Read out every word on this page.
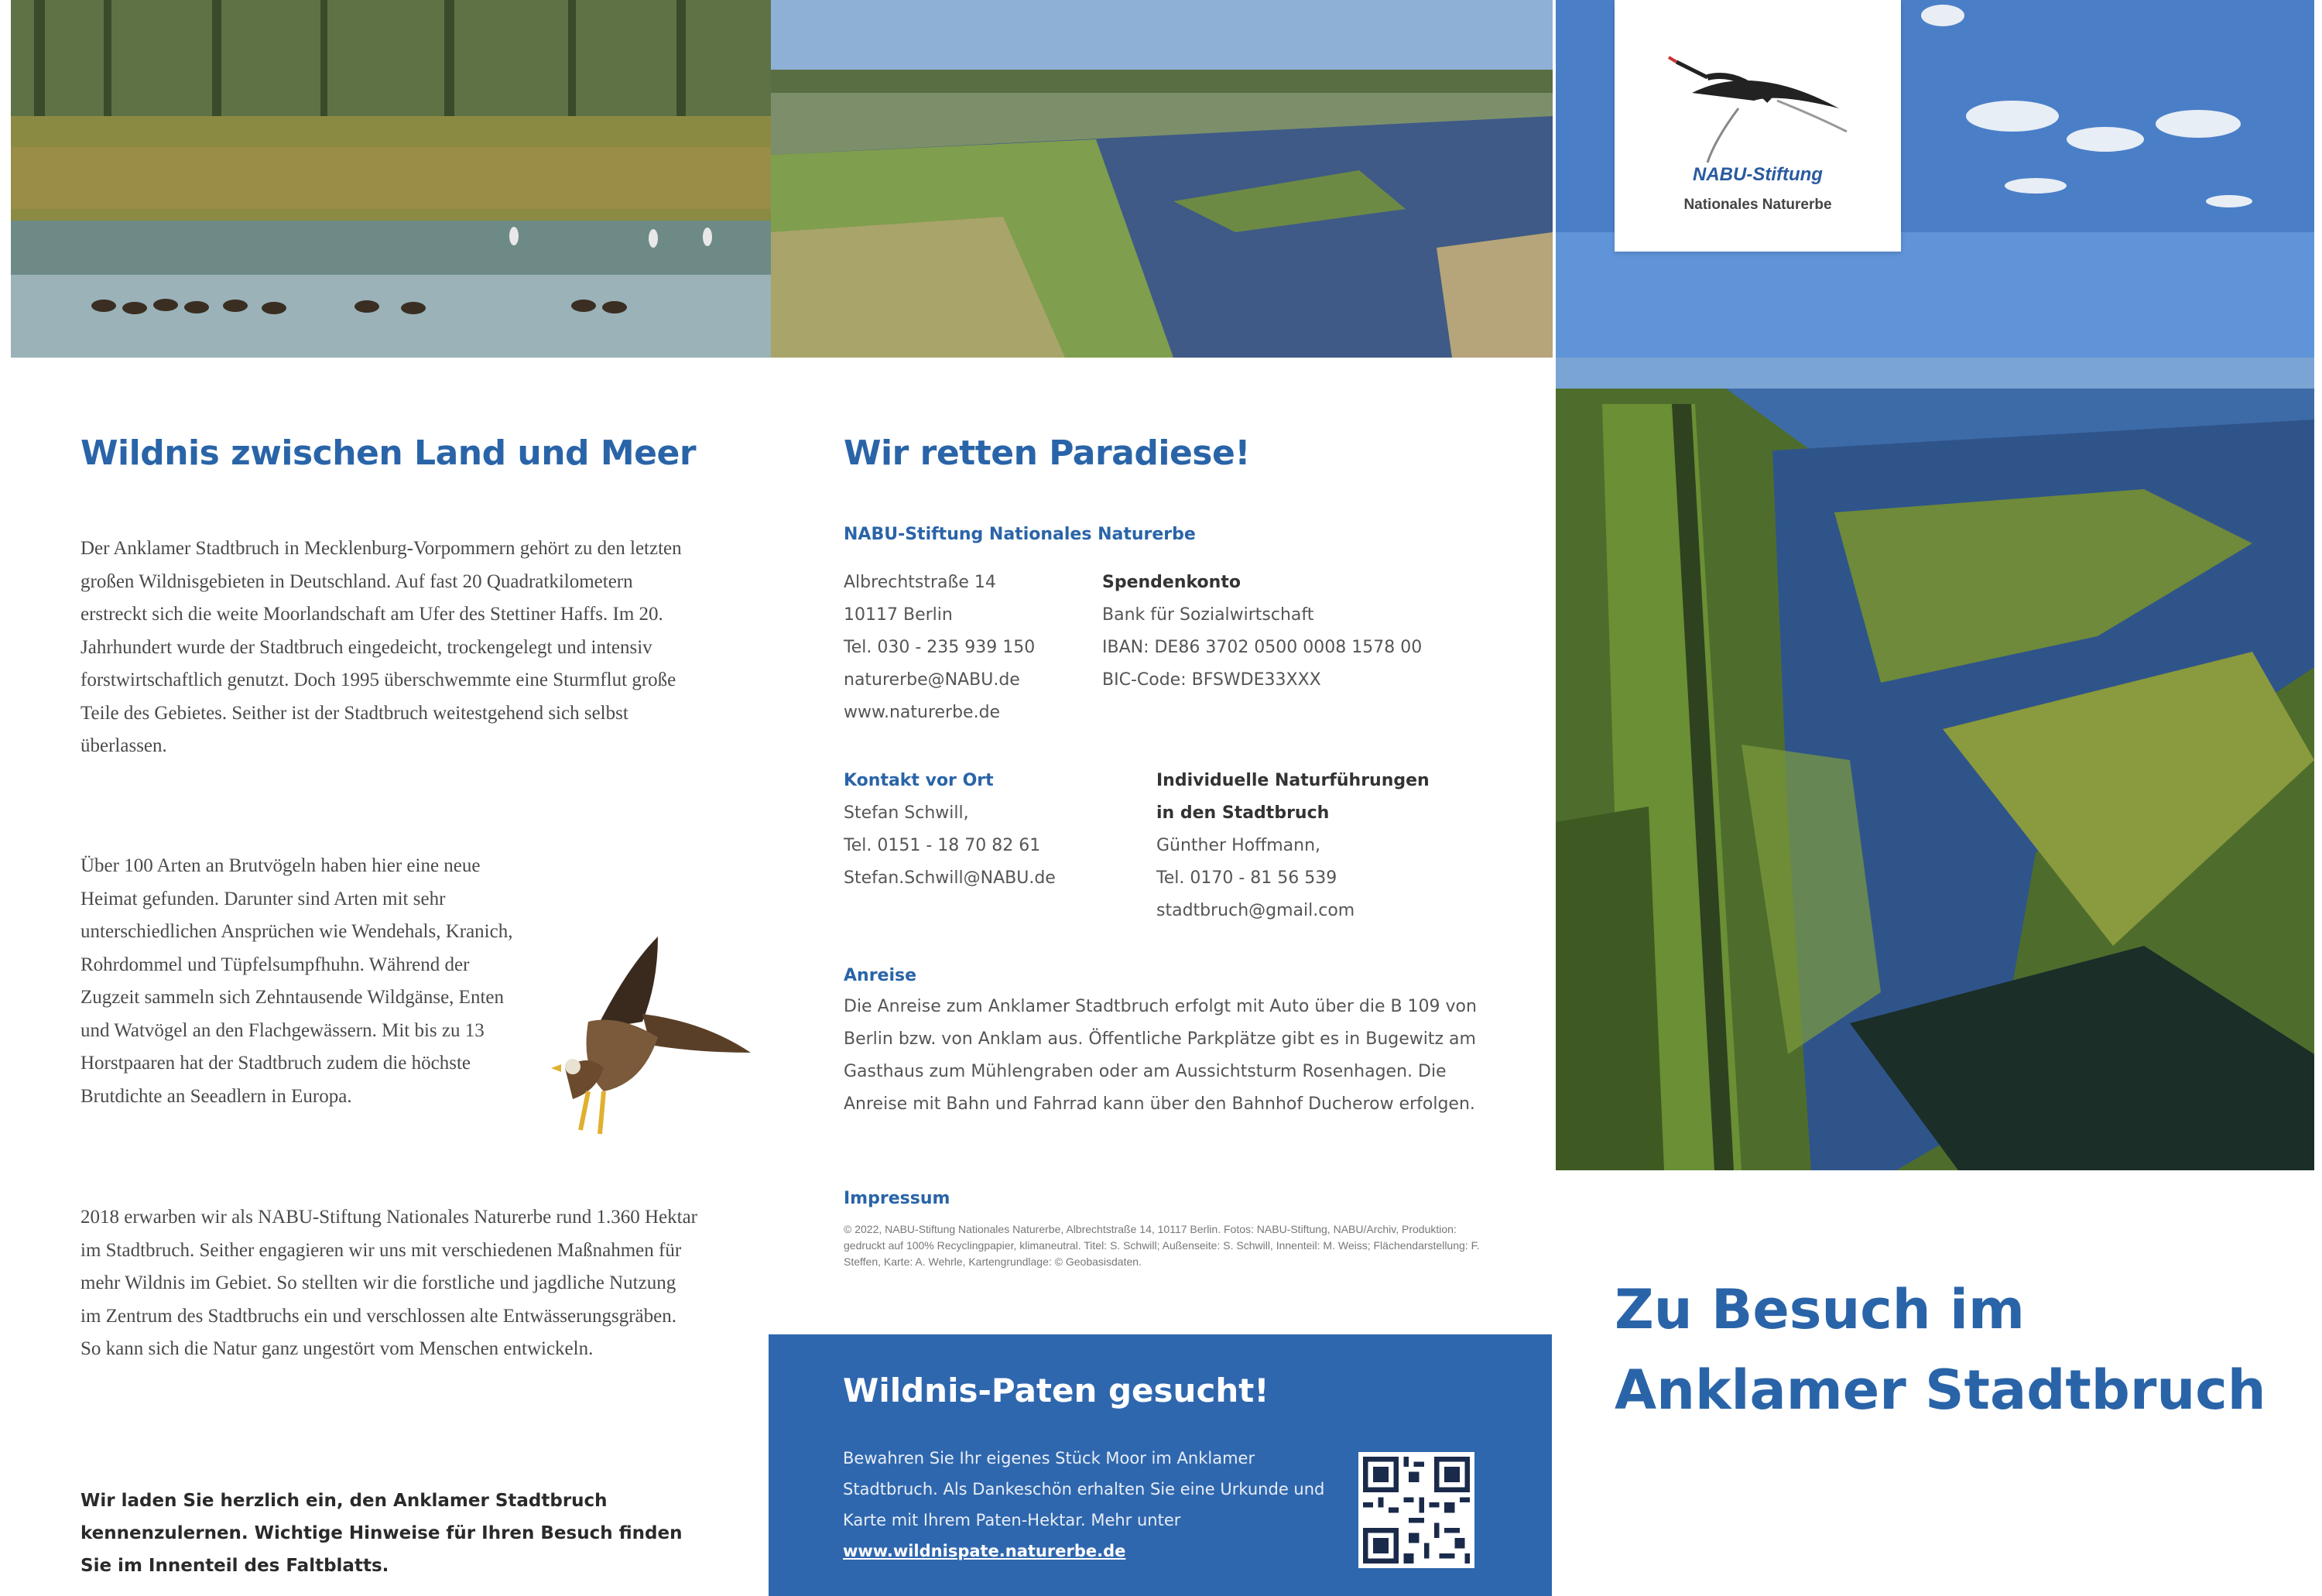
NABU-Stiftung
Nationales Naturerbe
Wildnis zwischen Land und Meer
Der Anklamer Stadtbruch in Mecklenburg-Vorpommern gehört zu den letzten großen Wildnisgebieten in Deutschland. Auf fast 20 Quadratkilometern erstreckt sich die weite Moorlandschaft am Ufer des Stettiner Haffs. Im 20. Jahrhundert wurde der Stadtbruch eingedeicht, trockengelegt und intensiv forstwirtschaftlich genutzt. Doch 1995 überschwemmte eine Sturmflut große Teile des Gebietes. Seither ist der Stadtbruch weitestgehend sich selbst überlassen.
Über 100 Arten an Brutvögeln haben hier eine neue Heimat gefunden. Darunter sind Arten mit sehr unterschiedlichen Ansprüchen wie Wendehals, Kranich, Rohrdommel und Tüpfelsumpfhuhn. Während der Zugzeit sammeln sich Zehntausende Wildgänse, Enten und Watvögel an den Flachgewässern. Mit bis zu 13 Horstpaaren hat der Stadtbruch zudem die höchste Brutdichte an Seeadlern in Europa.
2018 erwarben wir als NABU-Stiftung Nationales Naturerbe rund 1.360 Hektar im Stadtbruch. Seither engagieren wir uns mit verschiedenen Maßnahmen für mehr Wildnis im Gebiet. So stellten wir die forstliche und jagdliche Nutzung im Zentrum des Stadtbruchs ein und verschlossen alte Entwässerungsgräben. So kann sich die Natur ganz ungestört vom Menschen entwickeln.
Wir laden Sie herzlich ein, den Anklamer Stadtbruch kennenzulernen. Wichtige Hinweise für Ihren Besuch finden Sie im Innenteil des Faltblatts.
Wir retten Paradiese!
NABU-Stiftung Nationales Naturerbe
Albrechtstraße 14
10117 Berlin
Tel. 030 - 235 939 150
naturerbe@NABU.de
www.naturerbe.de
Spendenkonto
Bank für Sozialwirtschaft
IBAN: DE86 3702 0500 0008 1578 00
BIC-Code: BFSWDE33XXX
Kontakt vor Ort
Stefan Schwill,
Tel. 0151 - 18 70 82 61
Stefan.Schwill@NABU.de
Individuelle Naturführungen
in den Stadtbruch
Günther Hoffmann,
Tel. 0170 - 81 56 539
stadtbruch@gmail.com
Anreise
Die Anreise zum Anklamer Stadtbruch erfolgt mit Auto über die B 109 von Berlin bzw. von Anklam aus. Öffentliche Parkplätze gibt es in Bugewitz am Gasthaus zum Mühlengraben oder am Aussichtsturm Rosenhagen. Die Anreise mit Bahn und Fahrrad kann über den Bahnhof Ducherow erfolgen.
Impressum
© 2022, NABU-Stiftung Nationales Naturerbe, Albrechtstraße 14, 10117 Berlin. Fotos: NABU-Stiftung, NABU/Archiv, Produktion: gedruckt auf 100% Recyclingpapier, klimaneutral. Titel: S. Schwill; Außenseite: S. Schwill, Innenteil: M. Weiss; Flächendarstellung: F. Steffen, Karte: A. Wehrle, Kartengrundlage: © Geobasisdaten.
Wildnis-Paten gesucht!
Bewahren Sie Ihr eigenes Stück Moor im Anklamer Stadtbruch. Als Dankeschön erhalten Sie eine Urkunde und Karte mit Ihrem Paten-Hektar. Mehr unter www.wildnispate.naturerbe.de
Zu Besuch im
Anklamer Stadtbruch
